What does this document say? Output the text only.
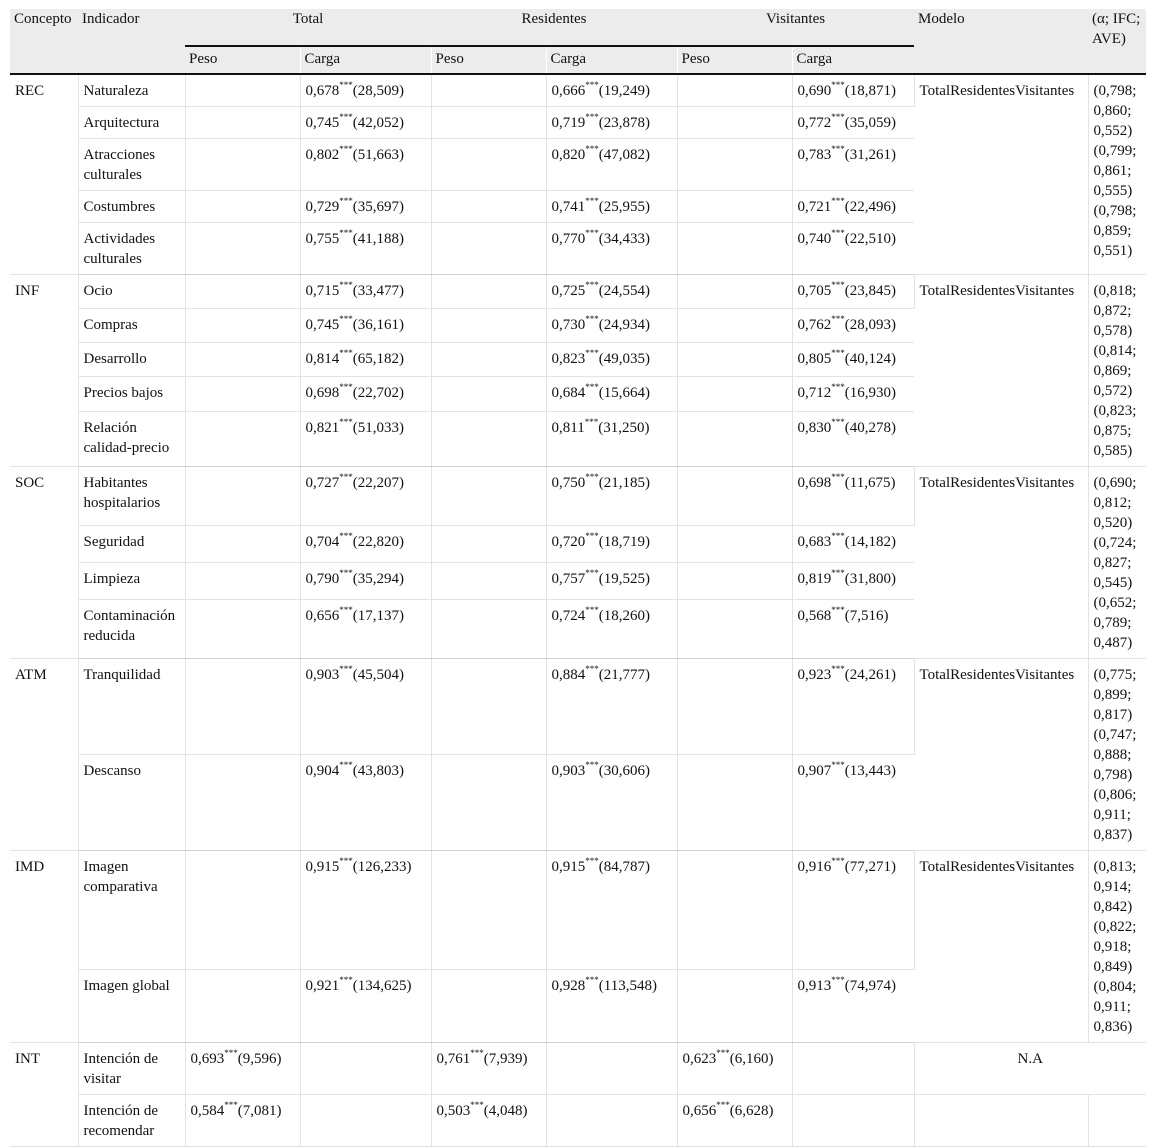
Concepto	Indicador	Total		Residentes		Visitantes		Modelo	(α; IFC; AVE)
		Peso	Carga	Peso	Carga	Peso	Carga		
REC	Naturaleza		0,678***(28,509)		0,666***(19,249)		0,690***(18,871)	TotalResidentesVisitantes	(0,798; 0,860; 0,552) (0,799; 0,861; 0,555) (0,798; 0,859; 0,551)
	Arquitectura		0,745***(42,052)		0,719***(23,878)		0,772***(35,059)		
	Atracciones culturales		0,802***(51,663)		0,820***(47,082)		0,783***(31,261)		
	Costumbres		0,729***(35,697)		0,741***(25,955)		0,721***(22,496)		
	Actividades culturales		0,755***(41,188)		0,770***(34,433)		0,740***(22,510)		
INF	Ocio		0,715***(33,477)		0,725***(24,554)		0,705***(23,845)	TotalResidentesVisitantes	(0,818; 0,872; 0,578) (0,814; 0,869; 0,572) (0,823; 0,875; 0,585)
	Compras		0,745***(36,161)		0,730***(24,934)		0,762***(28,093)		
	Desarrollo		0,814***(65,182)		0,823***(49,035)		0,805***(40,124)		
	Precios bajos		0,698***(22,702)		0,684***(15,664)		0,712***(16,930)		
	Relación calidad-precio		0,821***(51,033)		0,811***(31,250)		0,830***(40,278)		
SOC	Habitantes hospitalarios		0,727***(22,207)		0,750***(21,185)		0,698***(11,675)	TotalResidentesVisitantes	(0,690; 0,812; 0,520) (0,724; 0,827; 0,545) (0,652; 0,789; 0,487)
	Seguridad		0,704***(22,820)		0,720***(18,719)		0,683***(14,182)		
	Limpieza		0,790***(35,294)		0,757***(19,525)		0,819***(31,800)		
	Contaminación reducida		0,656***(17,137)		0,724***(18,260)		0,568***(7,516)		
ATM	Tranquilidad		0,903***(45,504)		0,884***(21,777)		0,923***(24,261)	TotalResidentesVisitantes	(0,775; 0,899; 0,817) (0,747; 0,888; 0,798) (0,806; 0,911; 0,837)
	Descanso		0,904***(43,803)		0,903***(30,606)		0,907***(13,443)		
IMD	Imagen comparativa		0,915***(126,233)		0,915***(84,787)		0,916***(77,271)	TotalResidentesVisitantes	(0,813; 0,914; 0,842) (0,822; 0,918; 0,849) (0,804; 0,911; 0,836)
	Imagen global		0,921***(134,625)		0,928***(113,548)		0,913***(74,974)		
INT	Intención de visitar	0,693***(9,596)		0,761***(7,939)		0,623***(6,160)		N.A	
	Intención de recomendar	0,584***(7,081)		0,503***(4,048)		0,656***(6,628)			
